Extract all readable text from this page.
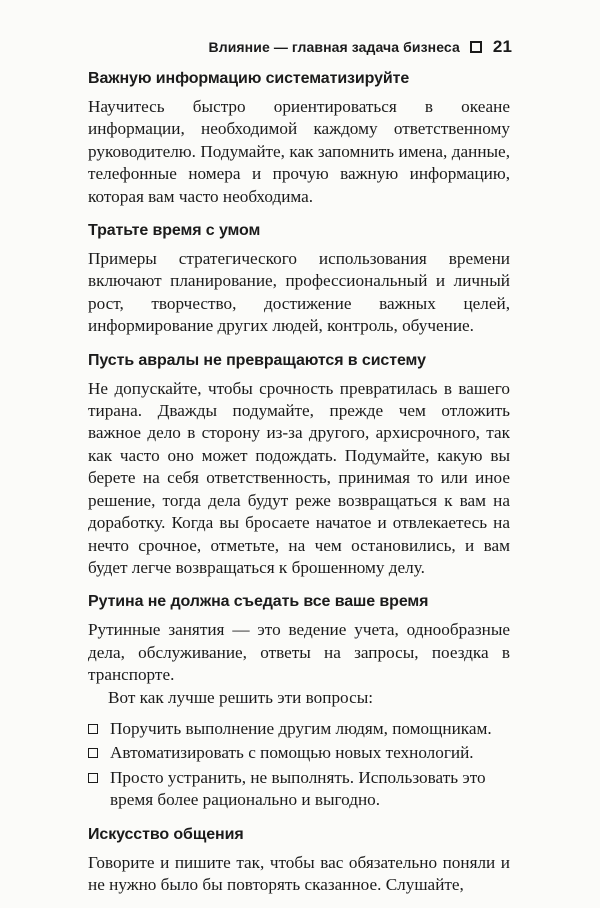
Влияние — главная задача бизнеса 21
Важную информацию систематизируйте

Научитесь быстро ориентироваться в океане информации, необходимой каждому ответственному руководителю. Подумайте, как запомнить имена, данные, телефонные номера и прочую важную информацию, которая вам часто необходима.

Тратьте время с умом

Примеры стратегического использования времени включают планирование, профессиональный и личный рост, творчество, достижение важных целей, информирование других людей, контроль, обучение.

Пусть авралы не превращаются в систему

Не допускайте, чтобы срочность превратилась в вашего тирана. Дважды подумайте, прежде чем отложить важное дело в сторону из-за другого, архисрочного, так как часто оно может подождать. Подумайте, какую вы берете на себя ответственность, принимая то или иное решение, тогда дела будут реже возвращаться к вам на доработку. Когда вы бросаете начатое и отвлекаетесь на нечто срочное, отметьте, на чем остановились, и вам будет легче возвращаться к брошенному делу.

Рутина не должна съедать все ваше время

Рутинные занятия — это ведение учета, однообразные дела, обслуживание, ответы на запросы, поездка в транспорте.

Вот как лучше решить эти вопросы:

Поручить выполнение другим людям, помощникам.
Автоматизировать с помощью новых технологий.
Просто устранить, не выполнять. Использовать это время более рационально и выгодно.
Искусство общения

Говорите и пишите так, чтобы вас обязательно поняли и не нужно было бы повторять сказанное. Слушайте,
